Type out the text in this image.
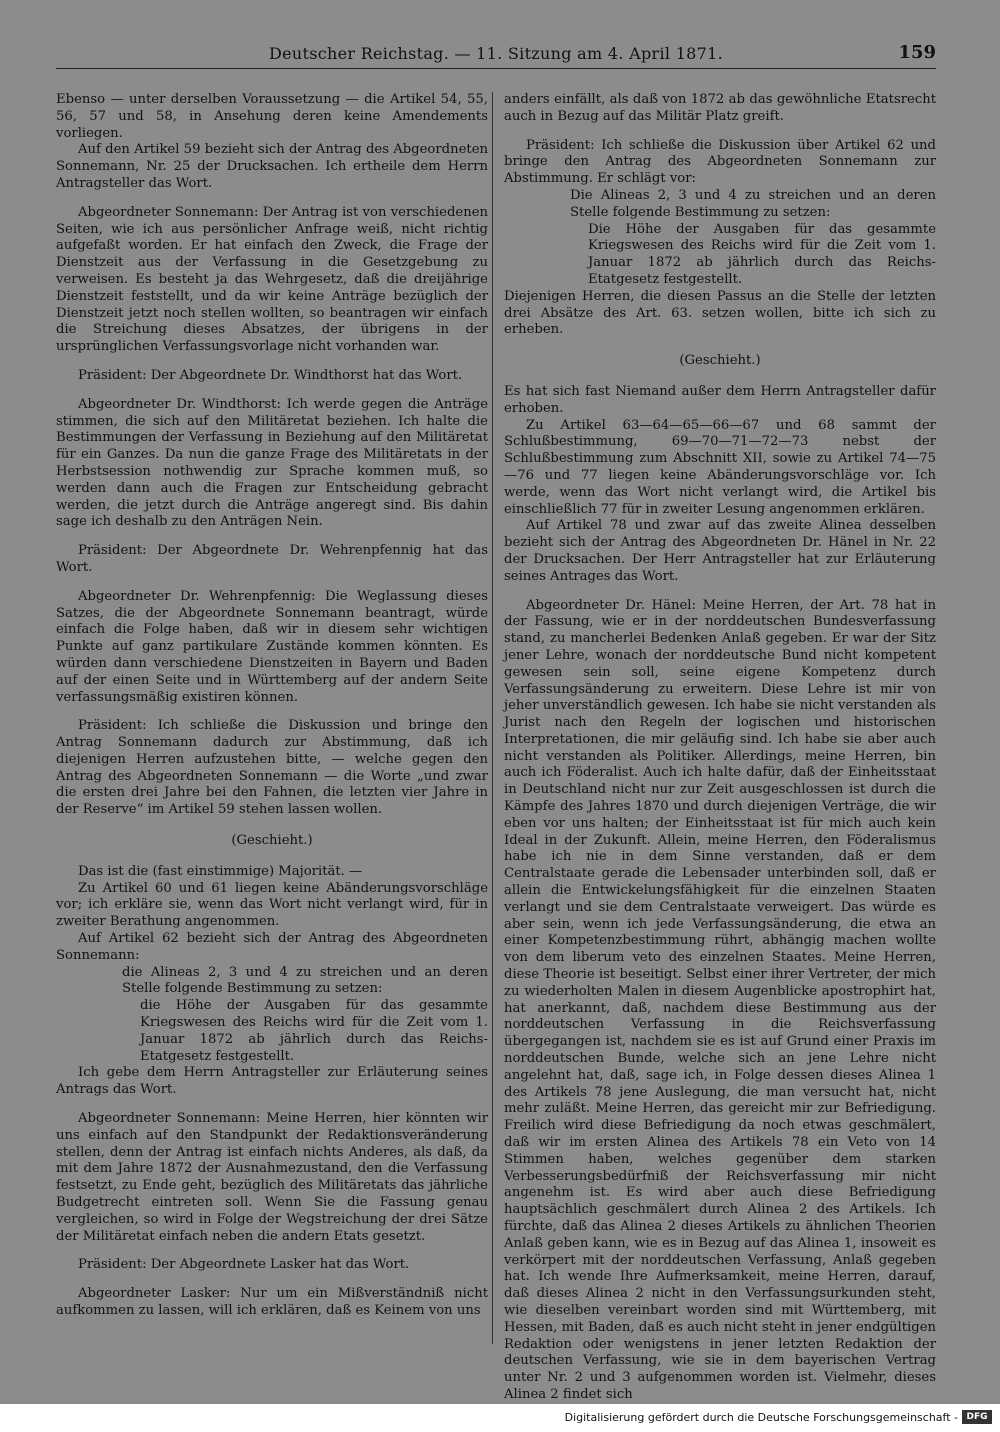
Deutscher Reichstag. — 11. Sitzung am 4. April 1871.	159

Ebenso — unter derselben Voraussetzung — die Artikel 54, 55, 56, 57 und 58, in Ansehung deren keine Amendements vorliegen.

Auf den Artikel 59 bezieht sich der Antrag des Abgeordneten Sonnemann, Nr. 25 der Drucksachen. Ich ertheile dem Herrn Antragsteller das Wort.

Abgeordneter Sonnemann: Der Antrag ist von verschiedenen Seiten, wie ich aus persönlicher Anfrage weiß, nicht richtig aufgefaßt worden. Er hat einfach den Zweck, die Frage der Dienstzeit aus der Verfassung in die Gesetzgebung zu verweisen. Es besteht ja das Wehrgesetz, daß die dreijährige Dienstzeit feststellt, und da wir keine Anträge bezüglich der Dienstzeit jetzt noch stellen wollten, so beantragen wir einfach die Streichung dieses Absatzes, der übrigens in der ursprünglichen Verfassungsvorlage nicht vorhanden war.

Präsident: Der Abgeordnete Dr. Windthorst hat das Wort.

Abgeordneter Dr. Windthorst: Ich werde gegen die Anträge stimmen, die sich auf den Militäretat beziehen. Ich halte die Bestimmungen der Verfassung in Beziehung auf den Militäretat für ein Ganzes. Da nun die ganze Frage des Militäretats in der Herbstsession nothwendig zur Sprache kommen muß, so werden dann auch die Fragen zur Entscheidung gebracht werden, die jetzt durch die Anträge angeregt sind. Bis dahin sage ich deshalb zu den Anträgen Nein.

Präsident: Der Abgeordnete Dr. Wehrenpfennig hat das Wort.

Abgeordneter Dr. Wehrenpfennig: Die Weglassung dieses Satzes, die der Abgeordnete Sonnemann beantragt, würde einfach die Folge haben, daß wir in diesem sehr wichtigen Punkte auf ganz partikulare Zustände kommen könnten. Es würden dann verschiedene Dienstzeiten in Bayern und Baden auf der einen Seite und in Württemberg auf der andern Seite verfassungsmäßig existiren können.

Präsident: Ich schließe die Diskussion und bringe den Antrag Sonnemann dadurch zur Abstimmung, daß ich diejenigen Herren aufzustehen bitte, — welche gegen den Antrag des Abgeordneten Sonnemann — die Worte „und zwar die ersten drei Jahre bei den Fahnen, die letzten vier Jahre in der Reserve“ im Artikel 59 stehen lassen wollen.

(Geschieht.)

Das ist die (fast einstimmige) Majorität. —

Zu Artikel 60 und 61 liegen keine Abänderungsvorschläge vor; ich erkläre sie, wenn das Wort nicht verlangt wird, für in zweiter Berathung angenommen.

Auf Artikel 62 bezieht sich der Antrag des Abgeordneten Sonnemann:

die Alineas 2, 3 und 4 zu streichen und an deren Stelle folgende Bestimmung zu setzen:

die Höhe der Ausgaben für das gesammte Kriegswesen des Reichs wird für die Zeit vom 1. Januar 1872 ab jährlich durch das Reichs-Etatgesetz festgestellt.

Ich gebe dem Herrn Antragsteller zur Erläuterung seines Antrags das Wort.

Abgeordneter Sonnemann: Meine Herren, hier könnten wir uns einfach auf den Standpunkt der Redaktionsveränderung stellen, denn der Antrag ist einfach nichts Anderes, als daß, da mit dem Jahre 1872 der Ausnahmezustand, den die Verfassung festsetzt, zu Ende geht, bezüglich des Militäretats das jährliche Budgetrecht eintreten soll. Wenn Sie die Fassung genau vergleichen, so wird in Folge der Wegstreichung der drei Sätze der Militäretat einfach neben die andern Etats gesetzt.

Präsident: Der Abgeordnete Lasker hat das Wort.

Abgeordneter Lasker: Nur um ein Mißverständniß nicht aufkommen zu lassen, will ich erklären, daß es Keinem von uns

anders einfällt, als daß von 1872 ab das gewöhnliche Etatsrecht auch in Bezug auf das Militär Platz greift.

Präsident: Ich schließe die Diskussion über Artikel 62 und bringe den Antrag des Abgeordneten Sonnemann zur Abstimmung. Er schlägt vor:

Die Alineas 2, 3 und 4 zu streichen und an deren Stelle folgende Bestimmung zu setzen:

Die Höhe der Ausgaben für das gesammte Kriegswesen des Reichs wird für die Zeit vom 1. Januar 1872 ab jährlich durch das Reichs-Etatgesetz festgestellt.

Diejenigen Herren, die diesen Passus an die Stelle der letzten drei Absätze des Art. 63. setzen wollen, bitte ich sich zu erheben.

(Geschieht.)

Es hat sich fast Niemand außer dem Herrn Antragsteller dafür erhoben.

Zu Artikel 63—64—65—66—67 und 68 sammt der Schlußbestimmung, 69—70—71—72—73 nebst der Schlußbestimmung zum Abschnitt XII, sowie zu Artikel 74—75—76 und 77 liegen keine Abänderungsvorschläge vor. Ich werde, wenn das Wort nicht verlangt wird, die Artikel bis einschließlich 77 für in zweiter Lesung angenommen erklären.

Auf Artikel 78 und zwar auf das zweite Alinea desselben bezieht sich der Antrag des Abgeordneten Dr. Hänel in Nr. 22 der Drucksachen. Der Herr Antragsteller hat zur Erläuterung seines Antrages das Wort.

Abgeordneter Dr. Hänel: Meine Herren, der Art. 78 hat in der Fassung, wie er in der norddeutschen Bundesverfassung stand, zu mancherlei Bedenken Anlaß gegeben. Er war der Sitz jener Lehre, wonach der norddeutsche Bund nicht kompetent gewesen sein soll, seine eigene Kompetenz durch Verfassungsänderung zu erweitern. Diese Lehre ist mir von jeher unverständlich gewesen. Ich habe sie nicht verstanden als Jurist nach den Regeln der logischen und historischen Interpretationen, die mir geläufig sind. Ich habe sie aber auch nicht verstanden als Politiker. Allerdings, meine Herren, bin auch ich Föderalist. Auch ich halte dafür, daß der Einheitsstaat in Deutschland nicht nur zur Zeit ausgeschlossen ist durch die Kämpfe des Jahres 1870 und durch diejenigen Verträge, die wir eben vor uns halten; der Einheitsstaat ist für mich auch kein Ideal in der Zukunft. Allein, meine Herren, den Föderalismus habe ich nie in dem Sinne verstanden, daß er dem Centralstaate gerade die Lebensader unterbinden soll, daß er allein die Entwickelungsfähigkeit für die einzelnen Staaten verlangt und sie dem Centralstaate verweigert. Das würde es aber sein, wenn ich jede Verfassungsänderung, die etwa an einer Kompetenzbestimmung rührt, abhängig machen wollte von dem liberum veto des einzelnen Staates. Meine Herren, diese Theorie ist beseitigt. Selbst einer ihrer Vertreter, der mich zu wiederholten Malen in diesem Augenblicke apostrophirt hat, hat anerkannt, daß, nachdem diese Bestimmung aus der norddeutschen Verfassung in die Reichsverfassung übergegangen ist, nachdem sie es ist auf Grund einer Praxis im norddeutschen Bunde, welche sich an jene Lehre nicht angelehnt hat, daß, sage ich, in Folge dessen dieses Alinea 1 des Artikels 78 jene Auslegung, die man versucht hat, nicht mehr zuläßt. Meine Herren, das gereicht mir zur Befriedigung. Freilich wird diese Befriedigung da noch etwas geschmälert, daß wir im ersten Alinea des Artikels 78 ein Veto von 14 Stimmen haben, welches gegenüber dem starken Verbesserungsbedürfniß der Reichsverfassung mir nicht angenehm ist. Es wird aber auch diese Befriedigung hauptsächlich geschmälert durch Alinea 2 des Artikels. Ich fürchte, daß das Alinea 2 dieses Artikels zu ähnlichen Theorien Anlaß geben kann, wie es in Bezug auf das Alinea 1, insoweit es verkörpert mit der norddeutschen Verfassung, Anlaß gegeben hat. Ich wende Ihre Aufmerksamkeit, meine Herren, darauf, daß dieses Alinea 2 nicht in den Verfassungsurkunden steht, wie dieselben vereinbart worden sind mit Württemberg, mit Hessen, mit Baden, daß es auch nicht steht in jener endgültigen Redaktion oder wenigstens in jener letzten Redaktion der deutschen Verfassung, wie sie in dem bayerischen Vertrag unter Nr. 2 und 3 aufgenommen worden ist. Vielmehr, dieses Alinea 2 findet sich

Digitalisierung gefördert durch die Deutsche Forschungsgemeinschaft - DFG
